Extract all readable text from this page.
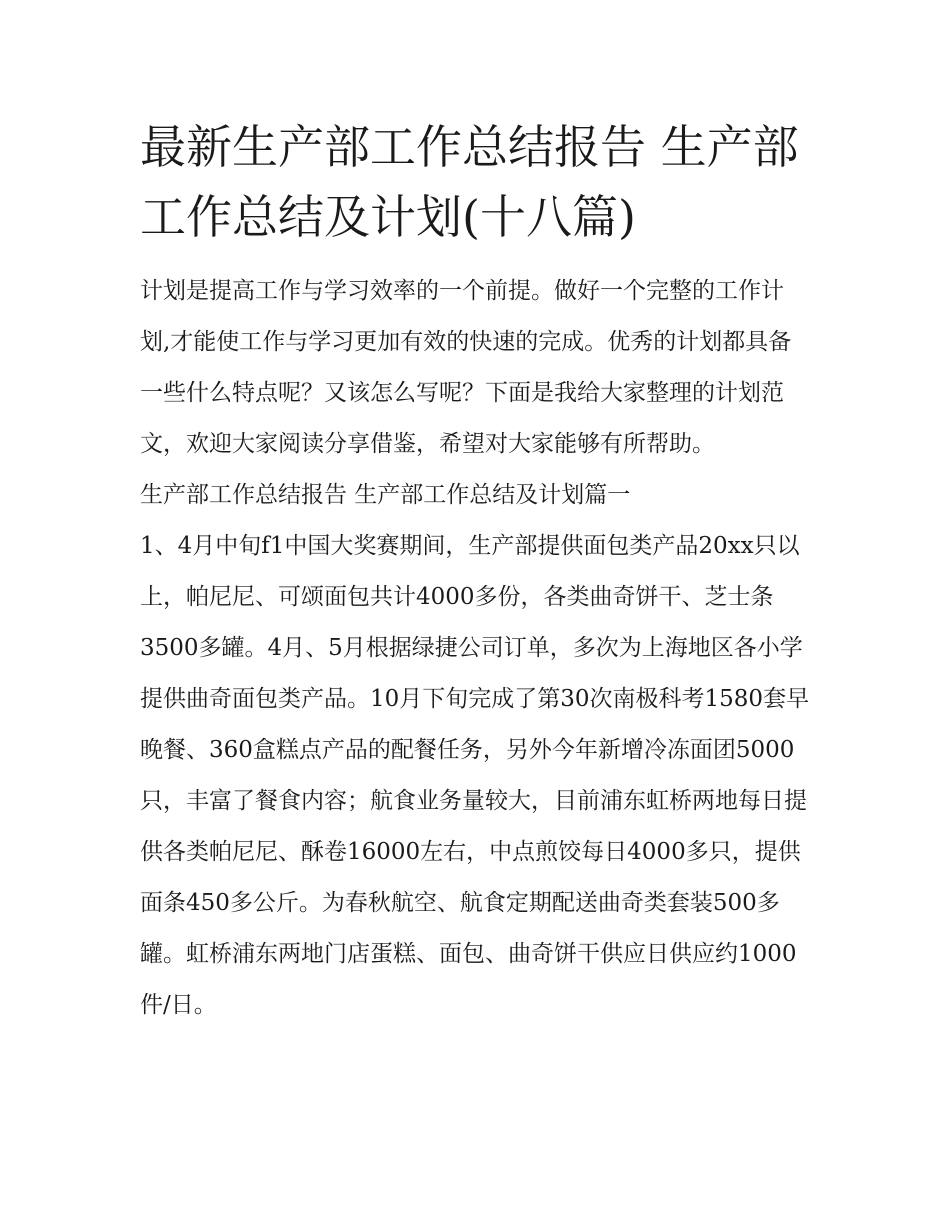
最新生产部工作总结报告 生产部工作总结及计划(十八篇)

计划是提高工作与学习效率的一个前提。做好一个完整的工作计划,才能使工作与学习更加有效的快速的完成。优秀的计划都具备一些什么特点呢？又该怎么写呢？下面是我给大家整理的计划范文，欢迎大家阅读分享借鉴，希望对大家能够有所帮助。

生产部工作总结报告 生产部工作总结及计划篇一

1、4月中旬f1中国大奖赛期间，生产部提供面包类产品20xx只以上，帕尼尼、可颂面包共计4000多份，各类曲奇饼干、芝士条3500多罐。4月、5月根据绿捷公司订单，多次为上海地区各小学提供曲奇面包类产品。10月下旬完成了第30次南极科考1580套早晚餐、360盒糕点产品的配餐任务，另外今年新增冷冻面团5000只，丰富了餐食内容；航食业务量较大，目前浦东虹桥两地每日提供各类帕尼尼、酥卷16000左右，中点煎饺每日4000多只，提供面条450多公斤。为春秋航空、航食定期配送曲奇类套装500多罐。虹桥浦东两地门店蛋糕、面包、曲奇饼干供应日供应约1000件/日。
